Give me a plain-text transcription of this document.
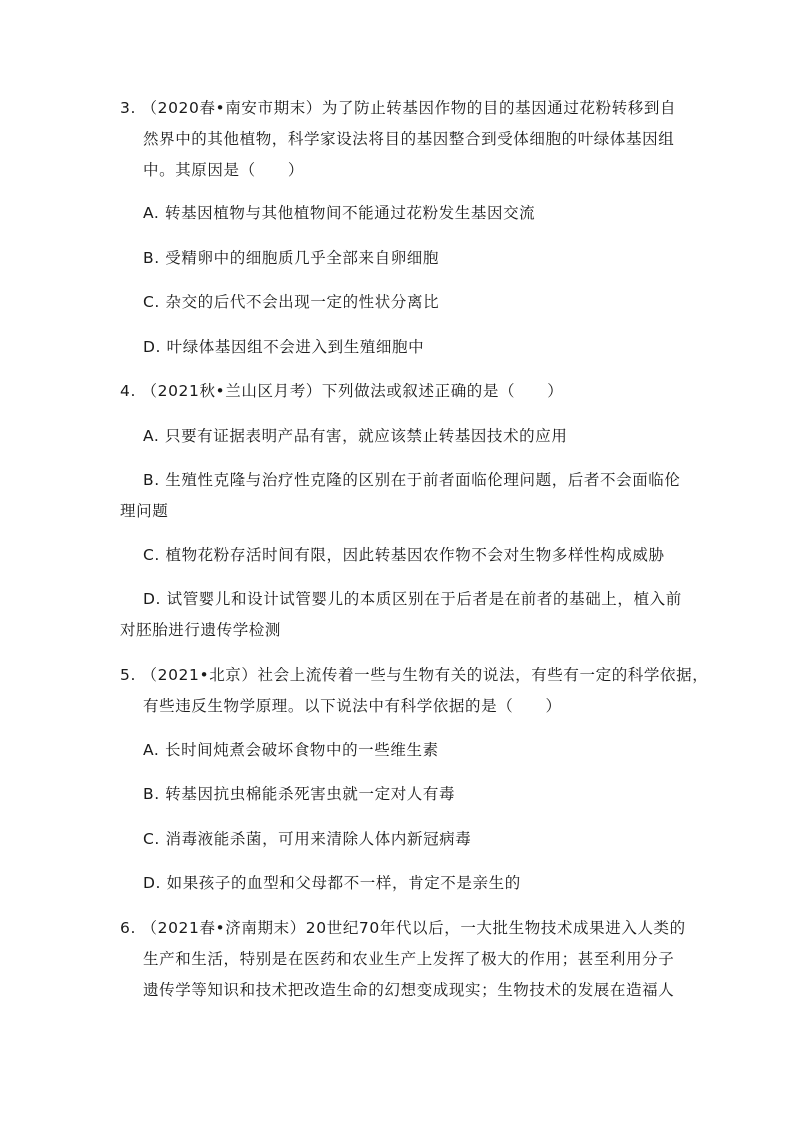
3. （2020春•南安市期末）为了防止转基因作物的目的基因通过花粉转移到自
然界中的其他植物，科学家设法将目的基因整合到受体细胞的叶绿体基因组
中。其原因是（　　）
A. 转基因植物与其他植物间不能通过花粉发生基因交流
B. 受精卵中的细胞质几乎全部来自卵细胞
C. 杂交的后代不会出现一定的性状分离比
D. 叶绿体基因组不会进入到生殖细胞中
4. （2021秋•兰山区月考）下列做法或叙述正确的是（　　）
A. 只要有证据表明产品有害，就应该禁止转基因技术的应用
B. 生殖性克隆与治疗性克隆的区别在于前者面临伦理问题，后者不会面临伦
理问题
C. 植物花粉存活时间有限，因此转基因农作物不会对生物多样性构成威胁
D. 试管婴儿和设计试管婴儿的本质区别在于后者是在前者的基础上，植入前
对胚胎进行遗传学检测
5. （2021•北京）社会上流传着一些与生物有关的说法，有些有一定的科学依据，
有些违反生物学原理。以下说法中有科学依据的是（　　）
A. 长时间炖煮会破坏食物中的一些维生素
B. 转基因抗虫棉能杀死害虫就一定对人有毒
C. 消毒液能杀菌，可用来清除人体内新冠病毒
D. 如果孩子的血型和父母都不一样，肯定不是亲生的
6. （2021春•济南期末）20世纪70年代以后，一大批生物技术成果进入人类的
生产和生活，特别是在医药和农业生产上发挥了极大的作用；甚至利用分子
遗传学等知识和技术把改造生命的幻想变成现实；生物技术的发展在造福人
